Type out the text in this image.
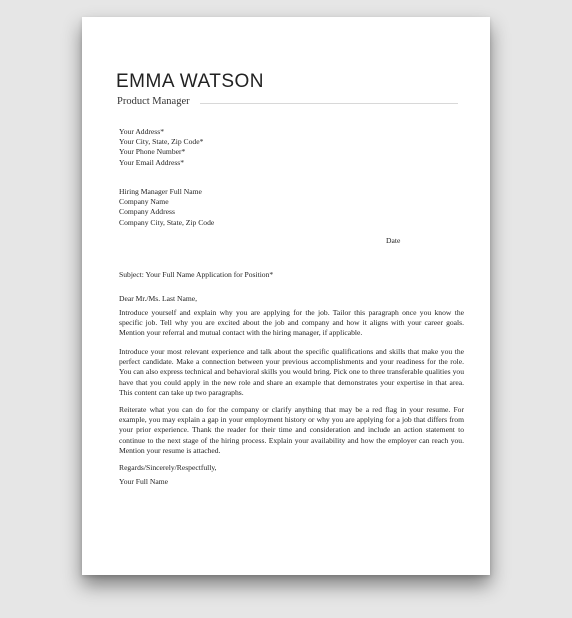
EMMA WATSON
Product Manager
Your Address*
Your City, State, Zip Code*
Your Phone Number*
Your Email Address*
Hiring Manager Full Name
Company Name
Company Address
Company City, State, Zip Code
Date
Subject: Your Full Name Application for Position*
Dear Mr./Ms. Last Name,
Introduce yourself and explain why you are applying for the job. Tailor this paragraph once you know the specific job. Tell why you are excited about the job and company and how it aligns with your career goals. Mention your referral and mutual contact with the hiring manager, if applicable.
Introduce your most relevant experience and talk about the specific qualifications and skills that make you the perfect candidate. Make a connection between your previous accomplishments and your readiness for the role. You can also express technical and behavioral skills you would bring. Pick one to three transferable qualities you have that you could apply in the new role and share an example that demonstrates your expertise in that area. This content can take up two paragraphs.
Reiterate what you can do for the company or clarify anything that may be a red flag in your resume. For example, you may explain a gap in your employment history or why you are applying for a job that differs from your prior experience. Thank the reader for their time and consideration and include an action statement to continue to the next stage of the hiring process. Explain your availability and how the employer can reach you. Mention your resume is attached.
Regards/Sincerely/Respectfully,
Your Full Name
